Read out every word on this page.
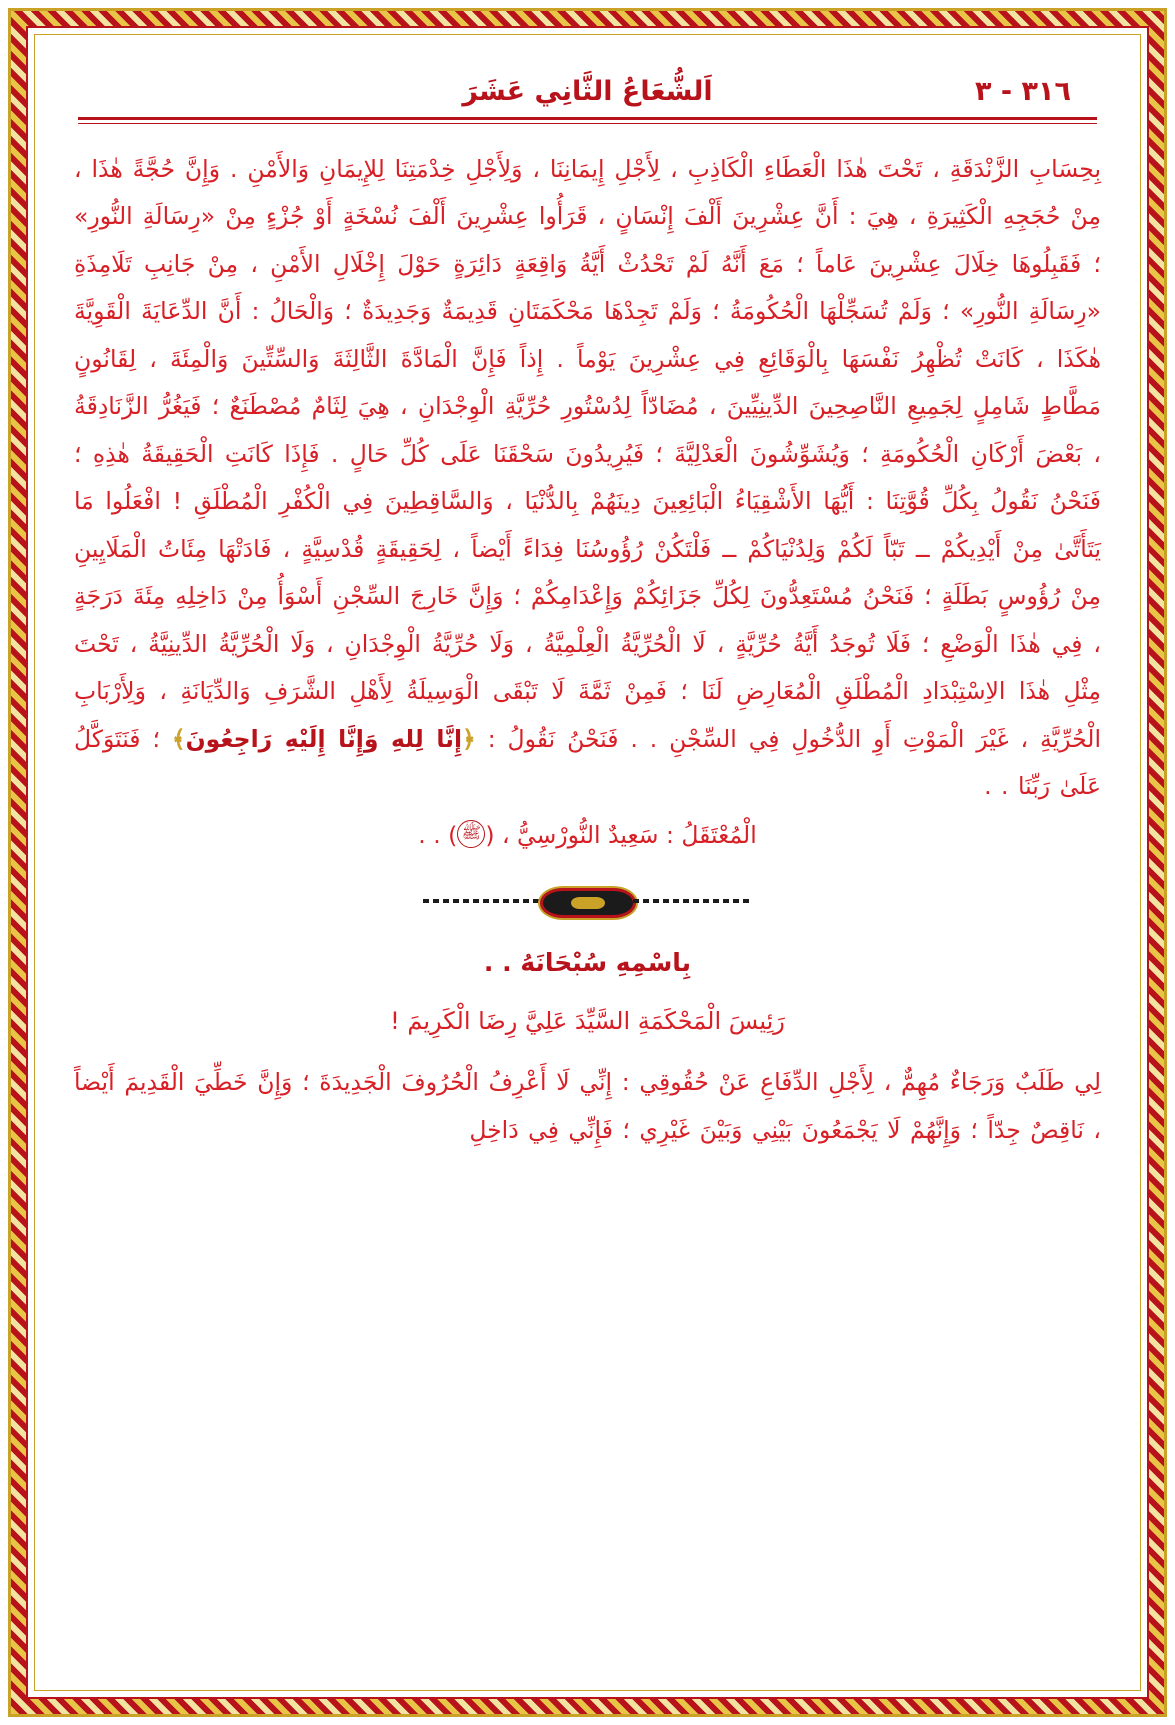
٣١٦ - ٣
اَلشُّعَاعُ الثَّانِي عَشَرَ

بِحِسَابِ الزَّنْدَقَةِ ، تَحْتَ هٰذَا الْعَطَاءِ الْكَاذِبِ ، لِأَجْلِ إِيمَانِنَا ، وَلِأَجْلِ خِدْمَتِنَا لِلإِيمَانِ وَالأَمْنِ . وَإِنَّ حُجَّةً هٰذَا ، مِنْ حُجَجِهِ الْكَثِيرَةِ ، هِيَ : أَنَّ عِشْرِينَ أَلْفَ إِنْسَانٍ ، قَرَأُوا عِشْرِينَ أَلْفَ نُسْخَةٍ أَوْ جُزْءٍ مِنْ «رِسَالَةِ النُّورِ» ؛ فَقَبِلُوهَا خِلَالَ عِشْرِينَ عَاماً ؛ مَعَ أَنَّهُ لَمْ تَحْدُثْ أَيَّةُ وَاقِعَةٍ دَائِرَةٍ حَوْلَ إِخْلَالِ الأَمْنِ ، مِنْ جَانِبِ تَلَامِذَةِ «رِسَالَةِ النُّورِ» ؛ وَلَمْ تُسَجِّلْهَا الْحُكُومَةُ ؛ وَلَمْ تَجِدْهَا مَحْكَمَتَانِ قَدِيمَةٌ وَجَدِيدَةٌ ؛ وَالْحَالُ : أَنَّ الدِّعَايَةَ الْقَوِيَّةَ هٰكَذَا ، كَانَتْ تُظْهِرُ نَفْسَهَا بِالْوَقَائِعِ فِي عِشْرِينَ يَوْماً . إِذاً فَإِنَّ الْمَادَّةَ الثَّالِثَةَ وَالسِّتِّينَ وَالْمِئَةَ ، لِقَانُونٍ مَطَّاطٍ شَامِلٍ لِجَمِيعِ النَّاصِحِينَ الدِّينِيِّينَ ، مُضَادّاً لِدُسْتُورِ حُرِّيَّةِ الْوِجْدَانِ ، هِيَ لِثَامٌ مُصْطَنَعٌ ؛ فَيَغُرُّ الزَّنَادِقَةُ ، بَعْضَ أَرْكَانِ الْحُكُومَةِ ؛ وَيُشَوِّشُونَ الْعَدْلِيَّةَ ؛ فَيُرِيدُونَ سَحْقَنَا عَلَى كُلِّ حَالٍ . فَإِذَا كَانَتِ الْحَقِيقَةُ هٰذِهِ ؛ فَنَحْنُ نَقُولُ بِكُلِّ قُوَّتِنَا : أَيُّهَا الأَشْقِيَاءُ الْبَائِعِينَ دِينَهُمْ بِالدُّنْيَا ، وَالسَّاقِطِينَ فِي الْكُفْرِ الْمُطْلَقِ ! افْعَلُوا مَا يَتَأَتَّىٰ مِنْ أَيْدِيكُمْ ــ تَبّاً لَكُمْ وَلِدُنْيَاكُمْ ــ فَلْتَكُنْ رُؤُوسُنَا فِدَاءً أَيْضاً ، لِحَقِيقَةٍ قُدْسِيَّةٍ ، فَادَتْهَا مِئَاتُ الْمَلَايِينِ مِنْ رُؤُوسٍ بَطَلَةٍ ؛ فَنَحْنُ مُسْتَعِدُّونَ لِكُلِّ جَزَائِكُمْ وَإِعْدَامِكُمْ ؛ وَإِنَّ خَارِجَ السِّجْنِ أَسْوَأُ مِنْ دَاخِلِهِ مِئَةَ دَرَجَةٍ ، فِي هٰذَا الْوَضْعِ ؛ فَلَا تُوجَدُ أَيَّةُ حُرِّيَّةٍ ، لَا الْحُرِّيَّةُ الْعِلْمِيَّةُ ، وَلَا حُرِّيَّةُ الْوِجْدَانِ ، وَلَا الْحُرِّيَّةُ الدِّينِيَّةُ ، تَحْتَ مِثْلِ هٰذَا الاِسْتِبْدَادِ الْمُطْلَقِ الْمُعَارِضِ لَنَا ؛ فَمِنْ ثَمَّةَ لَا تَبْقَى الْوَسِيلَةُ لِأَهْلِ الشَّرَفِ وَالدِّيَانَةِ ، وَلِأَرْبَابِ الْحُرِّيَّةِ ، غَيْرَ الْمَوْتِ أَوِ الدُّخُولِ فِي السِّجْنِ . . فَنَحْنُ نَقُولُ : ﴿إِنَّا لِلهِ وَإِنَّا إِلَيْهِ رَاجِعُونَ﴾ ؛ فَنَتَوَكَّلُ عَلَىٰ رَبِّنَا . .

الْمُعْتَقَلُ : سَعِيدٌ النُّورْسِيُّ ، (ﷺ) . .
بِاسْمِهِ سُبْحَانَهُ . .
رَئِيسَ الْمَحْكَمَةِ السَّيِّدَ عَلِيَّ رِضَا الْكَرِيمَ !

لِي طَلَبٌ وَرَجَاءٌ مُهِمٌّ ، لِأَجْلِ الدِّفَاعِ عَنْ حُقُوقِي : إِنِّي لَا أَعْرِفُ الْحُرُوفَ الْجَدِيدَةَ ؛ وَإِنَّ خَطِّيَ الْقَدِيمَ أَيْضاً ، نَاقِصٌ جِدّاً ؛ وَإِنَّهُمْ لَا يَجْمَعُونَ بَيْنِي وَبَيْنَ غَيْرِي ؛ فَإِنِّي فِي دَاخِلِ
